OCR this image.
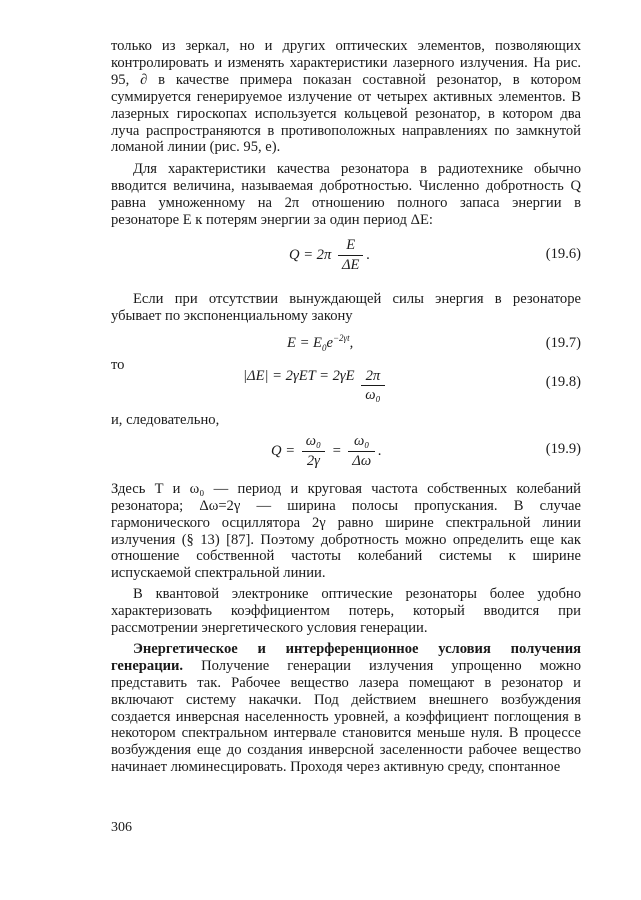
только из зеркал, но и других оптических элементов, позволяющих контролировать и изменять характеристики лазерного излучения. На рис. 95, ∂ в качестве примера показан составной резонатор, в котором суммируется генерируемое излучение от четырех активных элементов. В лазерных гироскопах используется кольцевой резонатор, в котором два луча распространяются в противоположных направлениях по замкнутой ломаной линии (рис. 95, е).

Для характеристики качества резонатора в радиотехнике обычно вводится величина, называемая добротностью. Численно добротность Q равна умноженному на 2π отношению полного запаса энергии в резонаторе E к потерям энергии за один период ΔE:

$Q = 2\pi \frac{E}{\Delta E}$ .	(19.6)

Если при отсутствии вынуждающей силы энергия в резонаторе убывает по экспоненциальному закону

$E = E_0e^{-2\gamma t}$,	(19.7)
то
$|\Delta E| = 2\gamma ET = 2\gamma E \frac{2\pi}{\text{ω₀}}$	(19.8)
и, следовательно,
$Q = \frac{\text{ω₀}}{2\gamma} = \frac{\text{ω₀}}{\Delta\omega}$ .	(19.9)

Здесь T и ω₀ — период и круговая частота собственных колебаний резонатора; Δω=2γ — ширина полосы пропускания. В случае гармонического осциллятора 2γ равно ширине спектральной линии излучения (§ 13) [87]. Поэтому добротность можно определить еще как отношение собственной частоты колебаний системы к ширине испускаемой спектральной линии.

В квантовой электронике оптические резонаторы более удобно характеризовать коэффициентом потерь, который вводится при рассмотрении энергетического условия генерации.

Энергетическое и интерференционное условия получения генерации. Получение генерации излучения упрощенно можно представить так. Рабочее вещество лазера помещают в резонатор и включают систему накачки. Под действием внешнего возбуждения создается инверсная населенность уровней, а коэффициент поглощения в некотором спектральном интервале становится меньше нуля. В процессе возбуждения еще до создания инверсной заселенности рабочее вещество начинает люминесцировать. Проходя через активную среду, спонтанное

306
